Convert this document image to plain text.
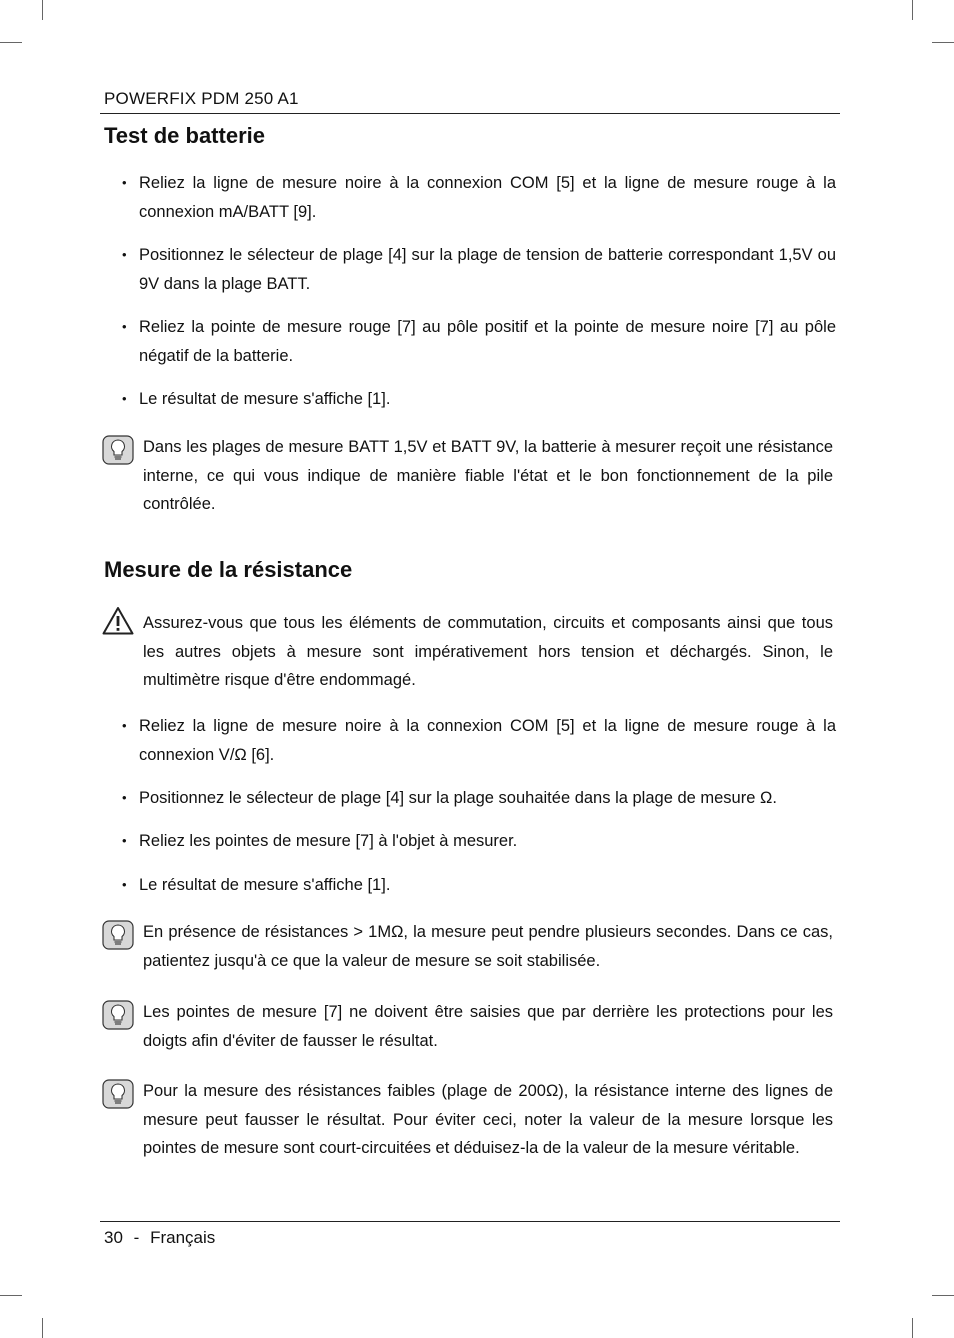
POWERFIX PDM 250 A1
Test de batterie
• Reliez la ligne de mesure noire à la connexion COM [5] et la ligne de mesure rouge à la connexion mA/BATT [9].
• Positionnez le sélecteur de plage [4] sur la plage de tension de batterie correspondant 1,5V ou 9V dans la plage BATT.
• Reliez la pointe de mesure rouge [7] au pôle positif et la pointe de mesure noire [7] au pôle négatif de la batterie.
• Le résultat de mesure s'affiche [1].
Dans les plages de mesure BATT 1,5V et BATT 9V, la batterie à mesurer reçoit une résistance interne, ce qui vous indique de manière fiable l'état et le bon fonctionnement de la pile contrôlée.
Mesure de la résistance
Assurez-vous que tous les éléments de commutation, circuits et composants ainsi que tous les autres objets à mesure sont impérativement hors tension et déchargés. Sinon, le multimètre risque d'être endommagé.
• Reliez la ligne de mesure noire à la connexion COM [5] et la ligne de mesure rouge à la connexion V/Ω [6].
• Positionnez le sélecteur de plage [4] sur la plage souhaitée dans la plage de mesure Ω.
• Reliez les pointes de mesure [7] à l'objet à mesurer.
• Le résultat de mesure s'affiche [1].
En présence de résistances > 1MΩ, la mesure peut pendre plusieurs secondes. Dans ce cas, patientez jusqu'à ce que la valeur de mesure se soit stabilisée.
Les pointes de mesure [7] ne doivent être saisies que par derrière les protections pour les doigts afin d'éviter de fausser le résultat.
Pour la mesure des résistances faibles (plage de 200Ω), la résistance interne des lignes de mesure peut fausser le résultat. Pour éviter ceci, noter la valeur de la mesure lorsque les pointes de mesure sont court-circuitées et déduisez-la de la valeur de la mesure véritable.
30 - Français
